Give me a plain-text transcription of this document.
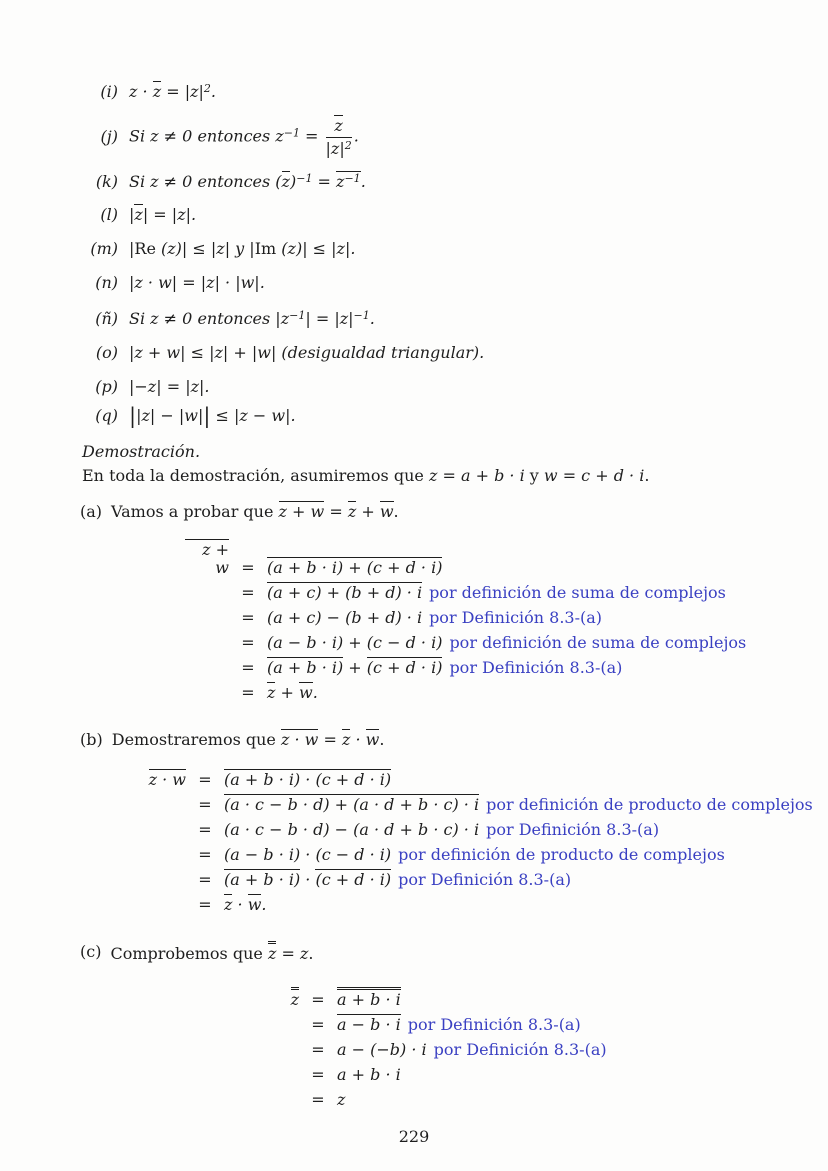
(i) $z \cdot z = |z|^2$.
(j) Si z ≠ 0 entonces $z^{-1} = \frac{z}{|z|^2}$ .
(k) Si z ≠ 0 entonces $(z)^{-1} = z^{-1}$.
(l) |z| = |z|.
(m) |Re (z)| ≤ |z| y |Im (z)| ≤ |z|.
(n) |z · w| = |z| · |w|.
(ñ) Si z ≠ 0 entonces $|z^{-1}| = |z|^{-1}$.
(o) |z + w| ≤ |z| + |w| (desigualdad triangular).
(p) |−z| = |z|.
(q) ||z| − |w|| ≤ |z − w|.
Demostración.
En toda la demostración, asumiremos que z = a + b · i y w = c + d · i.
(a) Vamos a probar que z + w = z + w.
z + w = (a + b · i) + (c + d · i)
= (a + c) + (b + d) · i por definición de suma de complejos
= (a + c) − (b + d) · i por Definición 8.3-(a)
= (a − b · i) + (c − d · i) por definición de suma de complejos
= (a + b · i) + (c + d · i) por Definición 8.3-(a)
= z + w.
(b) Demostraremos que z · w = z · w.
z · w = (a + b · i) · (c + d · i)
= (a · c − b · d) + (a · d + b · c) · i por definición de producto de complejos
= (a · c − b · d) − (a · d + b · c) · i por Definición 8.3-(a)
= (a − b · i) · (c − d · i) por definición de producto de complejos
= (a + b · i) · (c + d · i) por Definición 8.3-(a)
= z · w.
(c) Comprobemos que z = z.
z = a + b · i
= a − b · i por Definición 8.3-(a)
= a − (−b) · i por Definición 8.3-(a)
= a + b · i
= z
229
